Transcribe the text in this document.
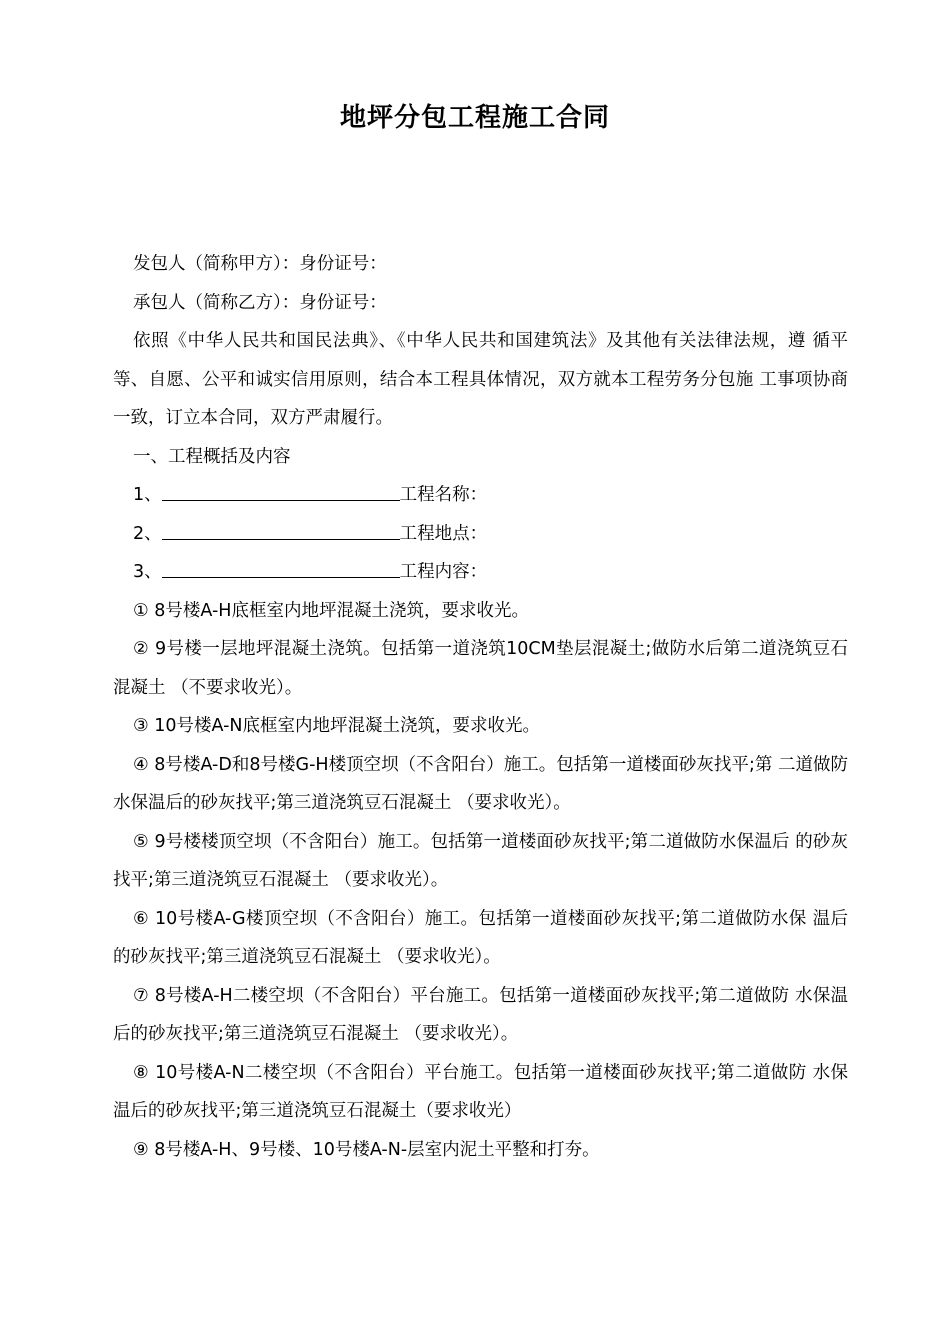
地坪分包工程施工合同
发包人（简称甲方）：身份证号：
承包人（简称乙方）：身份证号：
依照《中华人民共和国民法典》、《中华人民共和国建筑法》及其他有关法律法规，遵 循平等、自愿、公平和诚实信用原则，结合本工程具体情况，双方就本工程劳务分包施 工事项协商一致，订立本合同，双方严肃履行。
一、工程概括及内容
1、	工程名称：
2、	工程地点：
3、	工程内容：
① 8号楼A-H底框室内地坪混凝土浇筑，要求收光。
② 9号楼一层地坪混凝土浇筑。包括第一道浇筑10CM垫层混凝土;做防水后第二道浇筑豆石混凝土 （不要求收光）。
③ 10号楼A-N底框室内地坪混凝土浇筑，要求收光。
④ 8号楼A-D和8号楼G-H楼顶空坝（不含阳台）施工。包括第一道楼面砂灰找平;第 二道做防水保温后的砂灰找平;第三道浇筑豆石混凝土 （要求收光）。
⑤ 9号楼楼顶空坝（不含阳台）施工。包括第一道楼面砂灰找平;第二道做防水保温后 的砂灰找平;第三道浇筑豆石混凝土 （要求收光）。
⑥ 10号楼A-G楼顶空坝（不含阳台）施工。包括第一道楼面砂灰找平;第二道做防水保 温后的砂灰找平;第三道浇筑豆石混凝土 （要求收光）。
⑦ 8号楼A-H二楼空坝（不含阳台）平台施工。包括第一道楼面砂灰找平;第二道做防 水保温后的砂灰找平;第三道浇筑豆石混凝土 （要求收光）。
⑧ 10号楼A-N二楼空坝（不含阳台）平台施工。包括第一道楼面砂灰找平;第二道做防 水保温后的砂灰找平;第三道浇筑豆石混凝土（要求收光）
⑨ 8号楼A-H、9号楼、10号楼A-N-层室内泥土平整和打夯。
